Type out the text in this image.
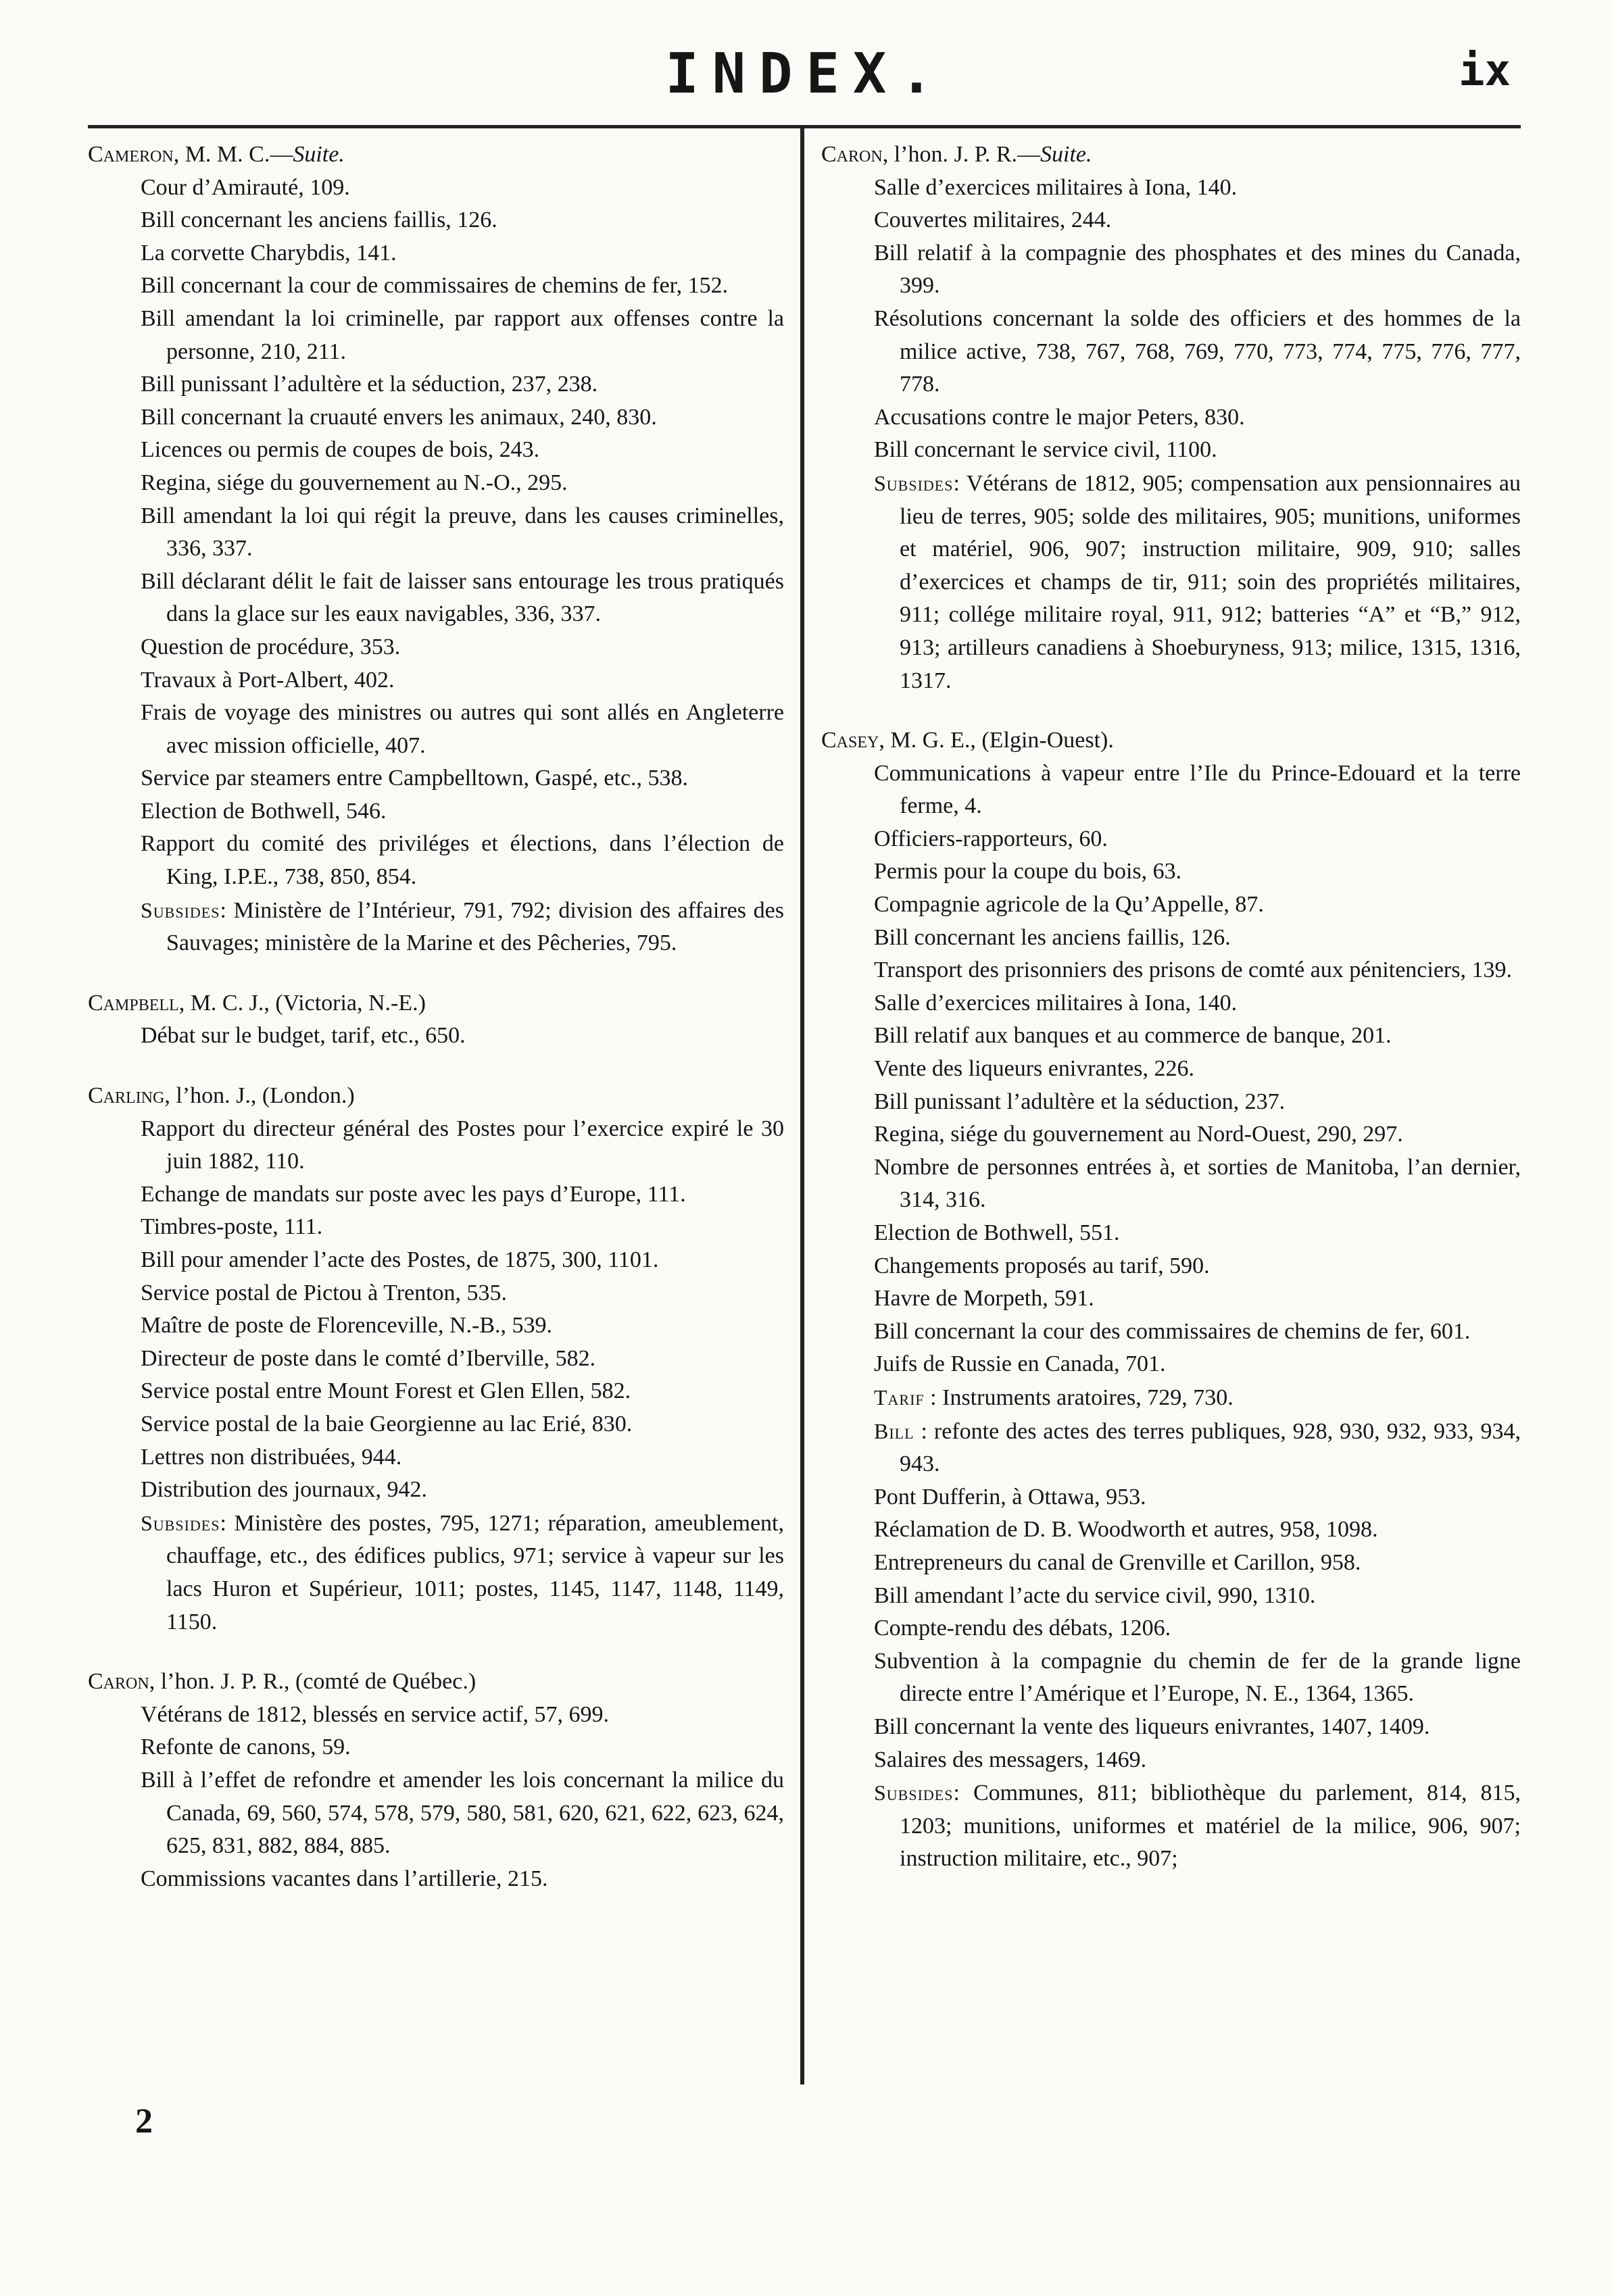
INDEX.	ix

Cameron, M. M. C.—Suite.

Cour d’Amirauté, 109.

Bill concernant les anciens faillis, 126.

La corvette Charybdis, 141.

Bill concernant la cour de commissaires de chemins de fer, 152.

Bill amendant la loi criminelle, par rapport aux offenses contre la personne, 210, 211.

Bill punissant l’adultère et la séduction, 237, 238.

Bill concernant la cruauté envers les animaux, 240, 830.

Licences ou permis de coupes de bois, 243.

Regina, siége du gouvernement au N.-O., 295.

Bill amendant la loi qui régit la preuve, dans les causes criminelles, 336, 337.

Bill déclarant délit le fait de laisser sans entourage les trous pratiqués dans la glace sur les eaux navigables, 336, 337.

Question de procédure, 353.

Travaux à Port-Albert, 402.

Frais de voyage des ministres ou autres qui sont allés en Angleterre avec mission officielle, 407.

Service par steamers entre Campbelltown, Gaspé, etc., 538.

Election de Bothwell, 546.

Rapport du comité des priviléges et élections, dans l’élection de King, I.P.E., 738, 850, 854.

Subsides: Ministère de l’Intérieur, 791, 792; division des affaires des Sauvages; ministère de la Marine et des Pêcheries, 795.

Campbell, M. C. J., (Victoria, N.-E.)

Débat sur le budget, tarif, etc., 650.

Carling, l’hon. J., (London.)

Rapport du directeur général des Postes pour l’exercice expiré le 30 juin 1882, 110.

Echange de mandats sur poste avec les pays d’Europe, 111.

Timbres-poste, 111.

Bill pour amender l’acte des Postes, de 1875, 300, 1101.

Service postal de Pictou à Trenton, 535.

Maître de poste de Florenceville, N.-B., 539.

Directeur de poste dans le comté d’Iberville, 582.

Service postal entre Mount Forest et Glen Ellen, 582.

Service postal de la baie Georgienne au lac Erié, 830.

Lettres non distribuées, 944.

Distribution des journaux, 942.

Subsides: Ministère des postes, 795, 1271; réparation, ameublement, chauffage, etc., des édifices publics, 971; service à vapeur sur les lacs Huron et Supérieur, 1011; postes, 1145, 1147, 1148, 1149, 1150.

Caron, l’hon. J. P. R., (comté de Québec.)

Vétérans de 1812, blessés en service actif, 57, 699.

Refonte de canons, 59.

Bill à l’effet de refondre et amender les lois concernant la milice du Canada, 69, 560, 574, 578, 579, 580, 581, 620, 621, 622, 623, 624, 625, 831, 882, 884, 885.

Commissions vacantes dans l’artillerie, 215.

Caron, l’hon. J. P. R.—Suite.

Salle d’exercices militaires à Iona, 140.

Couvertes militaires, 244.

Bill relatif à la compagnie des phosphates et des mines du Canada, 399.

Résolutions concernant la solde des officiers et des hommes de la milice active, 738, 767, 768, 769, 770, 773, 774, 775, 776, 777, 778.

Accusations contre le major Peters, 830.

Bill concernant le service civil, 1100.

Subsides: Vétérans de 1812, 905; compensation aux pensionnaires au lieu de terres, 905; solde des militaires, 905; munitions, uniformes et matériel, 906, 907; instruction militaire, 909, 910; salles d’exercices et champs de tir, 911; soin des propriétés militaires, 911; collége militaire royal, 911, 912; batteries “A” et “B,” 912, 913; artilleurs canadiens à Shoeburyness, 913; milice, 1315, 1316, 1317.

Casey, M. G. E., (Elgin-Ouest).

Communications à vapeur entre l’Ile du Prince-Edouard et la terre ferme, 4.

Officiers-rapporteurs, 60.

Permis pour la coupe du bois, 63.

Compagnie agricole de la Qu’Appelle, 87.

Bill concernant les anciens faillis, 126.

Transport des prisonniers des prisons de comté aux pénitenciers, 139.

Salle d’exercices militaires à Iona, 140.

Bill relatif aux banques et au commerce de banque, 201.

Vente des liqueurs enivrantes, 226.

Bill punissant l’adultère et la séduction, 237.

Regina, siége du gouvernement au Nord-Ouest, 290, 297.

Nombre de personnes entrées à, et sorties de Manitoba, l’an dernier, 314, 316.

Election de Bothwell, 551.

Changements proposés au tarif, 590.

Havre de Morpeth, 591.

Bill concernant la cour des commissaires de chemins de fer, 601.

Juifs de Russie en Canada, 701.

Tarif : Instruments aratoires, 729, 730.

Bill : refonte des actes des terres publiques, 928, 930, 932, 933, 934, 943.

Pont Dufferin, à Ottawa, 953.

Réclamation de D. B. Woodworth et autres, 958, 1098.

Entrepreneurs du canal de Grenville et Carillon, 958.

Bill amendant l’acte du service civil, 990, 1310.

Compte-rendu des débats, 1206.

Subvention à la compagnie du chemin de fer de la grande ligne directe entre l’Amérique et l’Europe, N. E., 1364, 1365.

Bill concernant la vente des liqueurs enivrantes, 1407, 1409.

Salaires des messagers, 1469.

Subsides: Communes, 811; bibliothèque du parlement, 814, 815, 1203; munitions, uniformes et matériel de la milice, 906, 907; instruction militaire, etc., 907;

2
